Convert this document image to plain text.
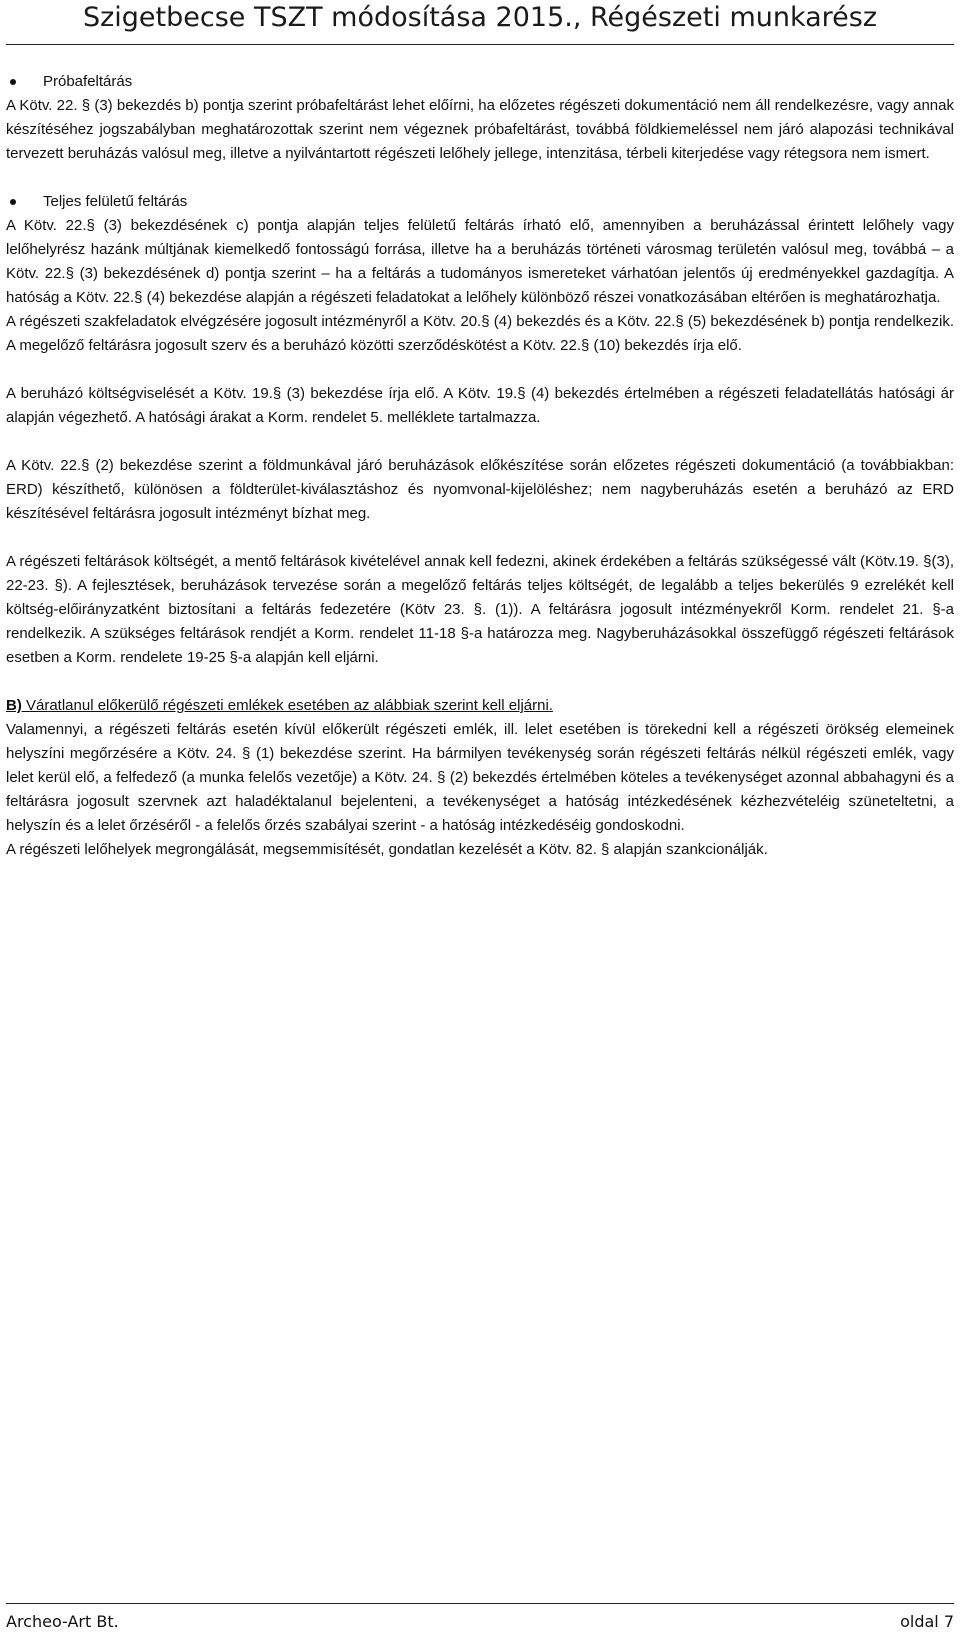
Szigetbecse TSZT módosítása 2015., Régészeti munkarész
Próbafeltárás

A Kötv. 22. § (3) bekezdés b) pontja szerint próbafeltárást lehet előírni, ha előzetes régészeti dokumentáció nem áll rendelkezésre, vagy annak készítéséhez jogszabályban meghatározottak szerint nem végeznek próbafeltárást, továbbá földkiemeléssel nem járó alapozási technikával tervezett beruházás valósul meg, illetve a nyilvántartott régészeti lelőhely jellege, intenzitása, térbeli kiterjedése vagy rétegsora nem ismert.

Teljes felületű feltárás

A Kötv. 22.§ (3) bekezdésének c) pontja alapján teljes felületű feltárás írható elő, amennyiben a beruházással érintett lelőhely vagy lelőhelyrész hazánk múltjának kiemelkedő fontosságú forrása, illetve ha a beruházás történeti városmag területén valósul meg, továbbá – a Kötv. 22.§ (3) bekezdésének d) pontja szerint – ha a feltárás a tudományos ismereteket várhatóan jelentős új eredményekkel gazdagítja. A hatóság a Kötv. 22.§ (4) bekezdése alapján a régészeti feladatokat a lelőhely különböző részei vonatkozásában eltérően is meghatározhatja.

A régészeti szakfeladatok elvégzésére jogosult intézményről a Kötv. 20.§ (4) bekezdés és a Kötv. 22.§ (5) bekezdésének b) pontja rendelkezik. A megelőző feltárásra jogosult szerv és a beruházó közötti szerződéskötést a Kötv. 22.§ (10) bekezdés írja elő.

A beruházó költségviselését a Kötv. 19.§ (3) bekezdése írja elő. A Kötv. 19.§ (4) bekezdés értelmében a régészeti feladatellátás hatósági ár alapján végezhető. A hatósági árakat a Korm. rendelet 5. melléklete tartalmazza.

A Kötv. 22.§ (2) bekezdése szerint a földmunkával járó beruházások előkészítése során előzetes régészeti dokumentáció (a továbbiakban: ERD) készíthető, különösen a földterület-kiválasztáshoz és nyomvonal-kijelöléshez; nem nagyberuházás esetén a beruházó az ERD készítésével feltárásra jogosult intézményt bízhat meg.

A régészeti feltárások költségét, a mentő feltárások kivételével annak kell fedezni, akinek érdekében a feltárás szükségessé vált (Kötv.19. §(3), 22-23. §). A fejlesztések, beruházások tervezése során a megelőző feltárás teljes költségét, de legalább a teljes bekerülés 9 ezrelékét kell költség-előirányzatként biztosítani a feltárás fedezetére (Kötv 23. §. (1)). A feltárásra jogosult intézményekről Korm. rendelet 21. §-a rendelkezik. A szükséges feltárások rendjét a Korm. rendelet 11-18 §-a határozza meg. Nagyberuházásokkal összefüggő régészeti feltárások esetben a Korm. rendelete 19-25 §-a alapján kell eljárni.

B) Váratlanul előkerülő régészeti emlékek esetében az alábbiak szerint kell eljárni.

Valamennyi, a régészeti feltárás esetén kívül előkerült régészeti emlék, ill. lelet esetében is törekedni kell a régészeti örökség elemeinek helyszíni megőrzésére a Kötv. 24. § (1) bekezdése szerint. Ha bármilyen tevékenység során régészeti feltárás nélkül régészeti emlék, vagy lelet kerül elő, a felfedező (a munka felelős vezetője) a Kötv. 24. § (2) bekezdés értelmében köteles a tevékenységet azonnal abbahagyni és a feltárásra jogosult szervnek azt haladéktalanul bejelenteni, a tevékenységet a hatóság intézkedésének kézhezvételéig szüneteltetni, a helyszín és a lelet őrzéséről - a felelős őrzés szabályai szerint - a hatóság intézkedéséig gondoskodni.

A régészeti lelőhelyek megrongálását, megsemmisítését, gondatlan kezelését a Kötv. 82. § alapján szankcionálják.

Archeo-Art Bt.	oldal 7
